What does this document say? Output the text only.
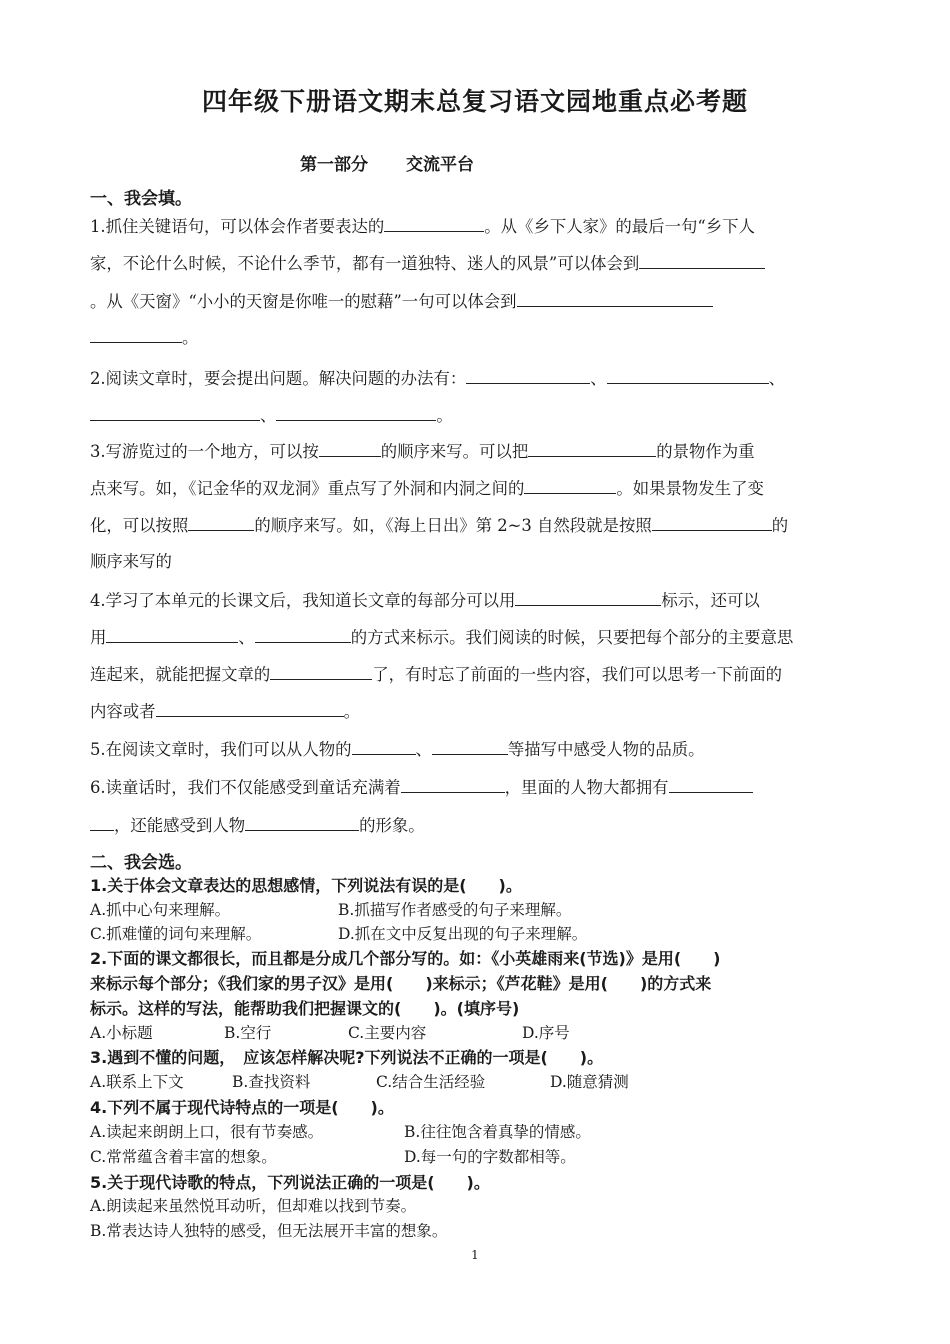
四年级下册语文期末总复习语文园地重点必考题
第一部分 交流平台
一、我会填。
1.抓住关键语句，可以体会作者要表达的	。从《乡下人家》的最后一句“乡下人
家，不论什么时候，不论什么季节，都有一道独特、迷人的风景”可以体会到
。从《天窗》“小小的天窗是你唯一的慰藉”一句可以体会到
。
2.阅读文章时，要会提出问题。解决问题的办法有：	、	、
、	。
3.写游览过的一个地方，可以按	的顺序来写。可以把	的景物作为重
点来写。如，《记金华的双龙洞》重点写了外洞和内洞之间的	。如果景物发生了变
化，可以按照	的顺序来写。如，《海上日出》第 2~3 自然段就是按照	的
顺序来写的
4.学习了本单元的长课文后，我知道长文章的每部分可以用	标示，还可以
用	、	的方式来标示。我们阅读的时候，只要把每个部分的主要意思
连起来，就能把握文章的	了，有时忘了前面的一些内容，我们可以思考一下前面的
内容或者	。
5.在阅读文章时，我们可以从人物的	、	等描写中感受人物的品质。
6.读童话时，我们不仅能感受到童话充满着	，里面的人物大都拥有
，还能感受到人物	的形象。
二、我会选。
1.关于体会文章表达的思想感情，下列说法有误的是(　　)。
A.抓中心句来理解。	B.抓描写作者感受的句子来理解。
C.抓难懂的词句来理解。	D.抓在文中反复出现的句子来理解。
2.下面的课文都很长，而且都是分成几个部分写的。如：《小英雄雨来(节选)》是用(　　)
来标示每个部分；《我们家的男子汉》是用(　　)来标示；《芦花鞋》是用(　　)的方式来
标示。这样的写法，能帮助我们把握课文的(　　)。(填序号)
A.小标题	B.空行	C.主要内容	D.序号
3.遇到不懂的问题，　应该怎样解决呢?下列说法不正确的一项是(　　)。
A.联系上下文	B.查找资料	C.结合生活经验	D.随意猜测
4.下列不属于现代诗特点的一项是(　　)。
A.读起来朗朗上口，很有节奏感。	B.往往饱含着真挚的情感。
C.常常蕴含着丰富的想象。	D.每一句的字数都相等。
5.关于现代诗歌的特点，下列说法正确的一项是(　　)。
A.朗读起来虽然悦耳动听，但却难以找到节奏。
B.常表达诗人独特的感受，但无法展开丰富的想象。
1
